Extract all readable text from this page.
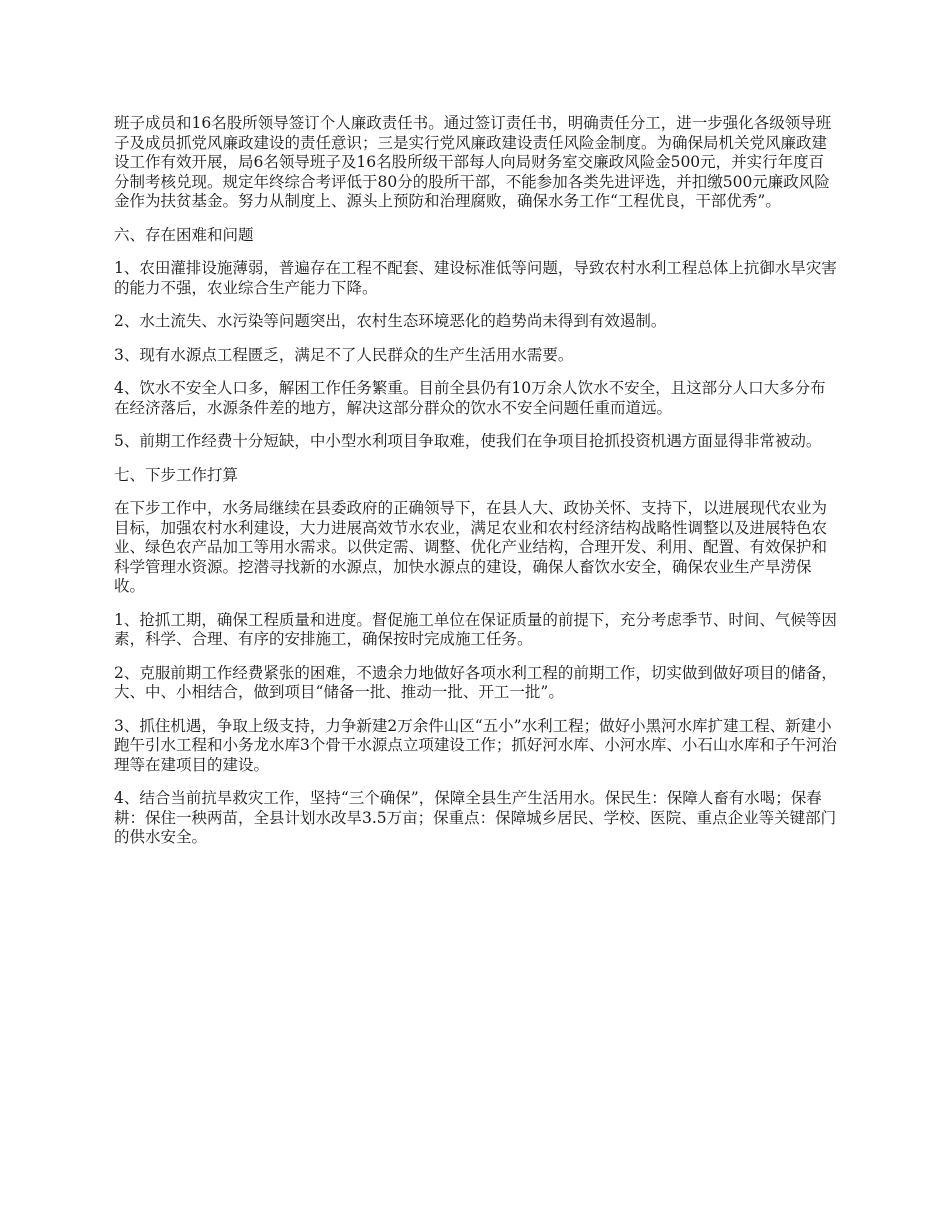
班子成员和16名股所领导签订个人廉政责任书。通过签订责任书，明确责任分工，进一步强化各级领导班子及成员抓党风廉政建设的责任意识；三是实行党风廉政建设责任风险金制度。为确保局机关党风廉政建设工作有效开展，局6名领导班子及16名股所级干部每人向局财务室交廉政风险金500元，并实行年度百分制考核兑现。规定年终综合考评低于80分的股所干部，不能参加各类先进评选，并扣缴500元廉政风险金作为扶贫基金。努力从制度上、源头上预防和治理腐败，确保水务工作“工程优良，干部优秀”。

六、存在困难和问题

1、农田灌排设施薄弱，普遍存在工程不配套、建设标准低等问题，导致农村水利工程总体上抗御水旱灾害的能力不强，农业综合生产能力下降。

2、水土流失、水污染等问题突出，农村生态环境恶化的趋势尚未得到有效遏制。

3、现有水源点工程匮乏，满足不了人民群众的生产生活用水需要。

4、饮水不安全人口多，解困工作任务繁重。目前全县仍有10万余人饮水不安全，且这部分人口大多分布在经济落后，水源条件差的地方，解决这部分群众的饮水不安全问题任重而道远。

5、前期工作经费十分短缺，中小型水利项目争取难，使我们在争项目抢抓投资机遇方面显得非常被动。

七、下步工作打算

在下步工作中，水务局继续在县委政府的正确领导下，在县人大、政协关怀、支持下，以进展现代农业为目标，加强农村水利建设，大力进展高效节水农业，满足农业和农村经济结构战略性调整以及进展特色农业、绿色农产品加工等用水需求。以供定需、调整、优化产业结构，合理开发、利用、配置、有效保护和科学管理水资源。挖潜寻找新的水源点，加快水源点的建设，确保人畜饮水安全，确保农业生产旱涝保收。

1、抢抓工期，确保工程质量和进度。督促施工单位在保证质量的前提下，充分考虑季节、时间、气候等因素，科学、合理、有序的安排施工，确保按时完成施工任务。

2、克服前期工作经费紧张的困难，不遗余力地做好各项水利工程的前期工作，切实做到做好项目的储备，大、中、小相结合，做到项目“储备一批、推动一批、开工一批”。

3、抓住机遇，争取上级支持，力争新建2万余件山区“五小”水利工程；做好小黑河水库扩建工程、新建小跑午引水工程和小务龙水库3个骨干水源点立项建设工作；抓好河水库、小河水库、小石山水库和子午河治理等在建项目的建设。

4、结合当前抗旱救灾工作，坚持“三个确保”，保障全县生产生活用水。保民生：保障人畜有水喝；保春耕：保住一秧两苗，全县计划水改旱3.5万亩；保重点：保障城乡居民、学校、医院、重点企业等关键部门的供水安全。
